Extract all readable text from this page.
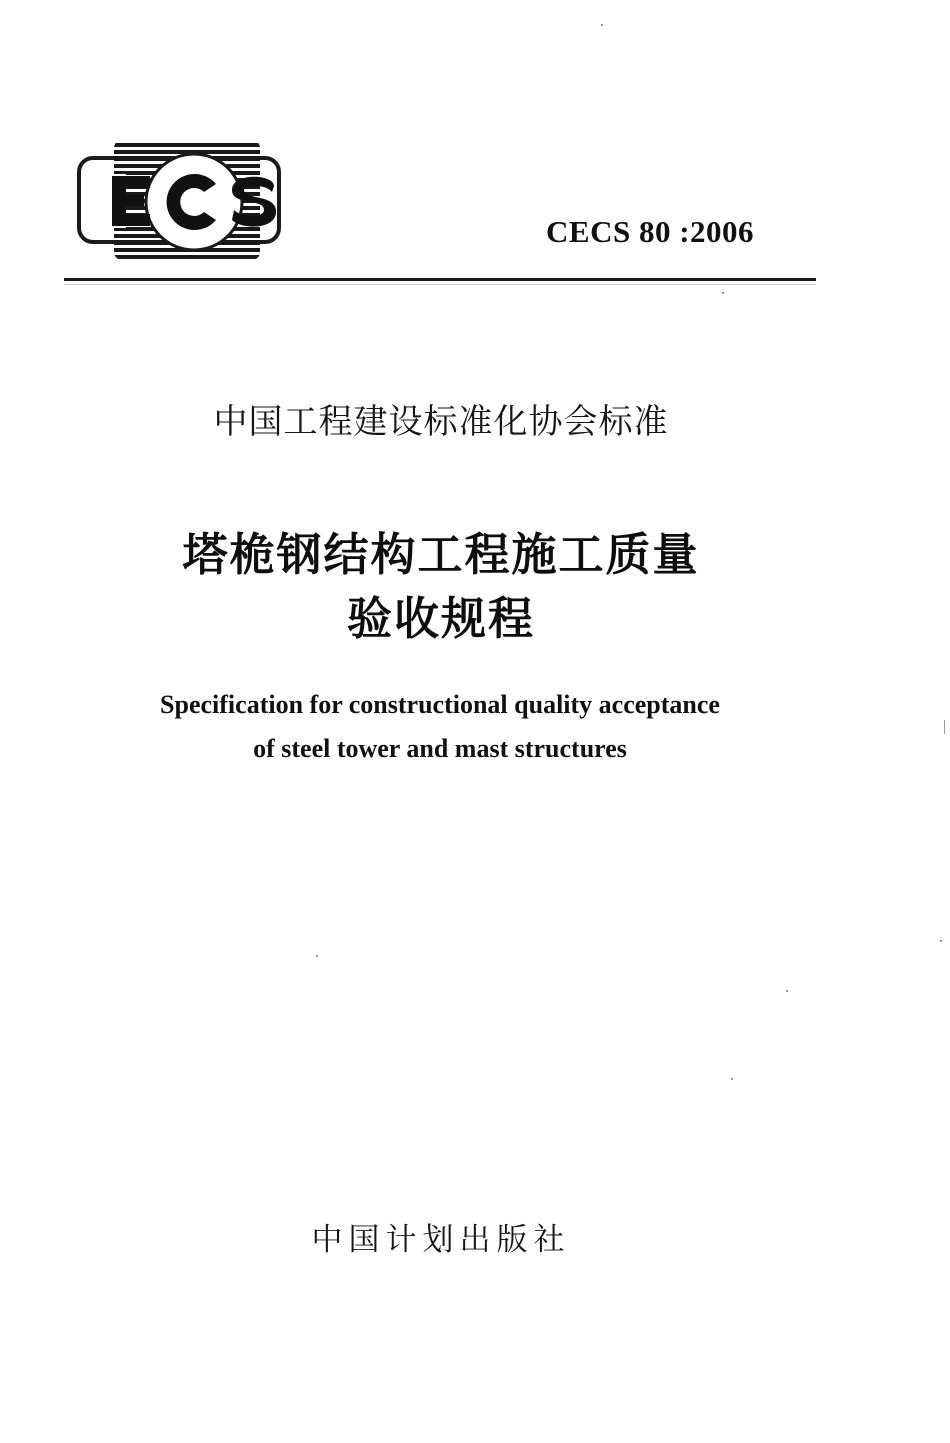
CECS 80 :2006
中国工程建设标准化协会标准
塔桅钢结构工程施工质量
验收规程
Specification for constructional quality acceptance
of steel tower and mast structures
中国计划出版社
